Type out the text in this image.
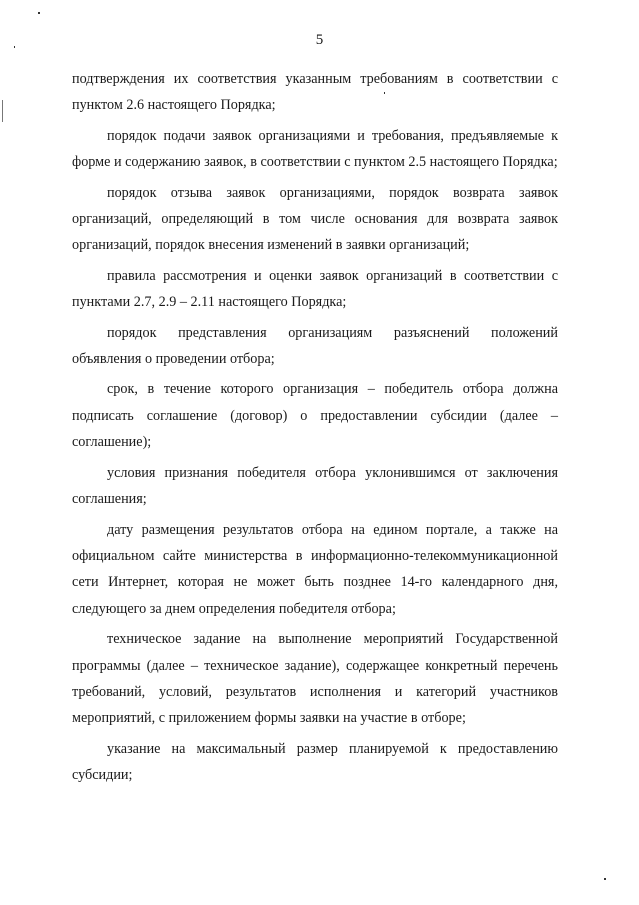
5

подтверждения их соответствия указанным требованиям в соответствии с пунктом 2.6 настоящего Порядка;

порядок подачи заявок организациями и требования, предъявляемые к форме и содержанию заявок, в соответствии с пунктом 2.5 настоящего Порядка;

порядок отзыва заявок организациями, порядок возврата заявок организаций, определяющий в том числе основания для возврата заявок организаций, порядок внесения изменений в заявки организаций;

правила рассмотрения и оценки заявок организаций в соответствии с пунктами 2.7, 2.9 – 2.11 настоящего Порядка;

порядок представления организациям разъяснений положений объявления о проведении отбора;

срок, в течение которого организация – победитель отбора должна подписать соглашение (договор) о предоставлении субсидии (далее – соглашение);

условия признания победителя отбора уклонившимся от заключения соглашения;

дату размещения результатов отбора на едином портале, а также на официальном сайте министерства в информационно-телекоммуникационной сети Интернет, которая не может быть позднее 14-го календарного дня, следующего за днем определения победителя отбора;

техническое задание на выполнение мероприятий Государственной программы (далее – техническое задание), содержащее конкретный перечень требований, условий, результатов исполнения и категорий участников мероприятий, с приложением формы заявки на участие в отборе;

указание на максимальный размер планируемой к предоставлению субсидии;
